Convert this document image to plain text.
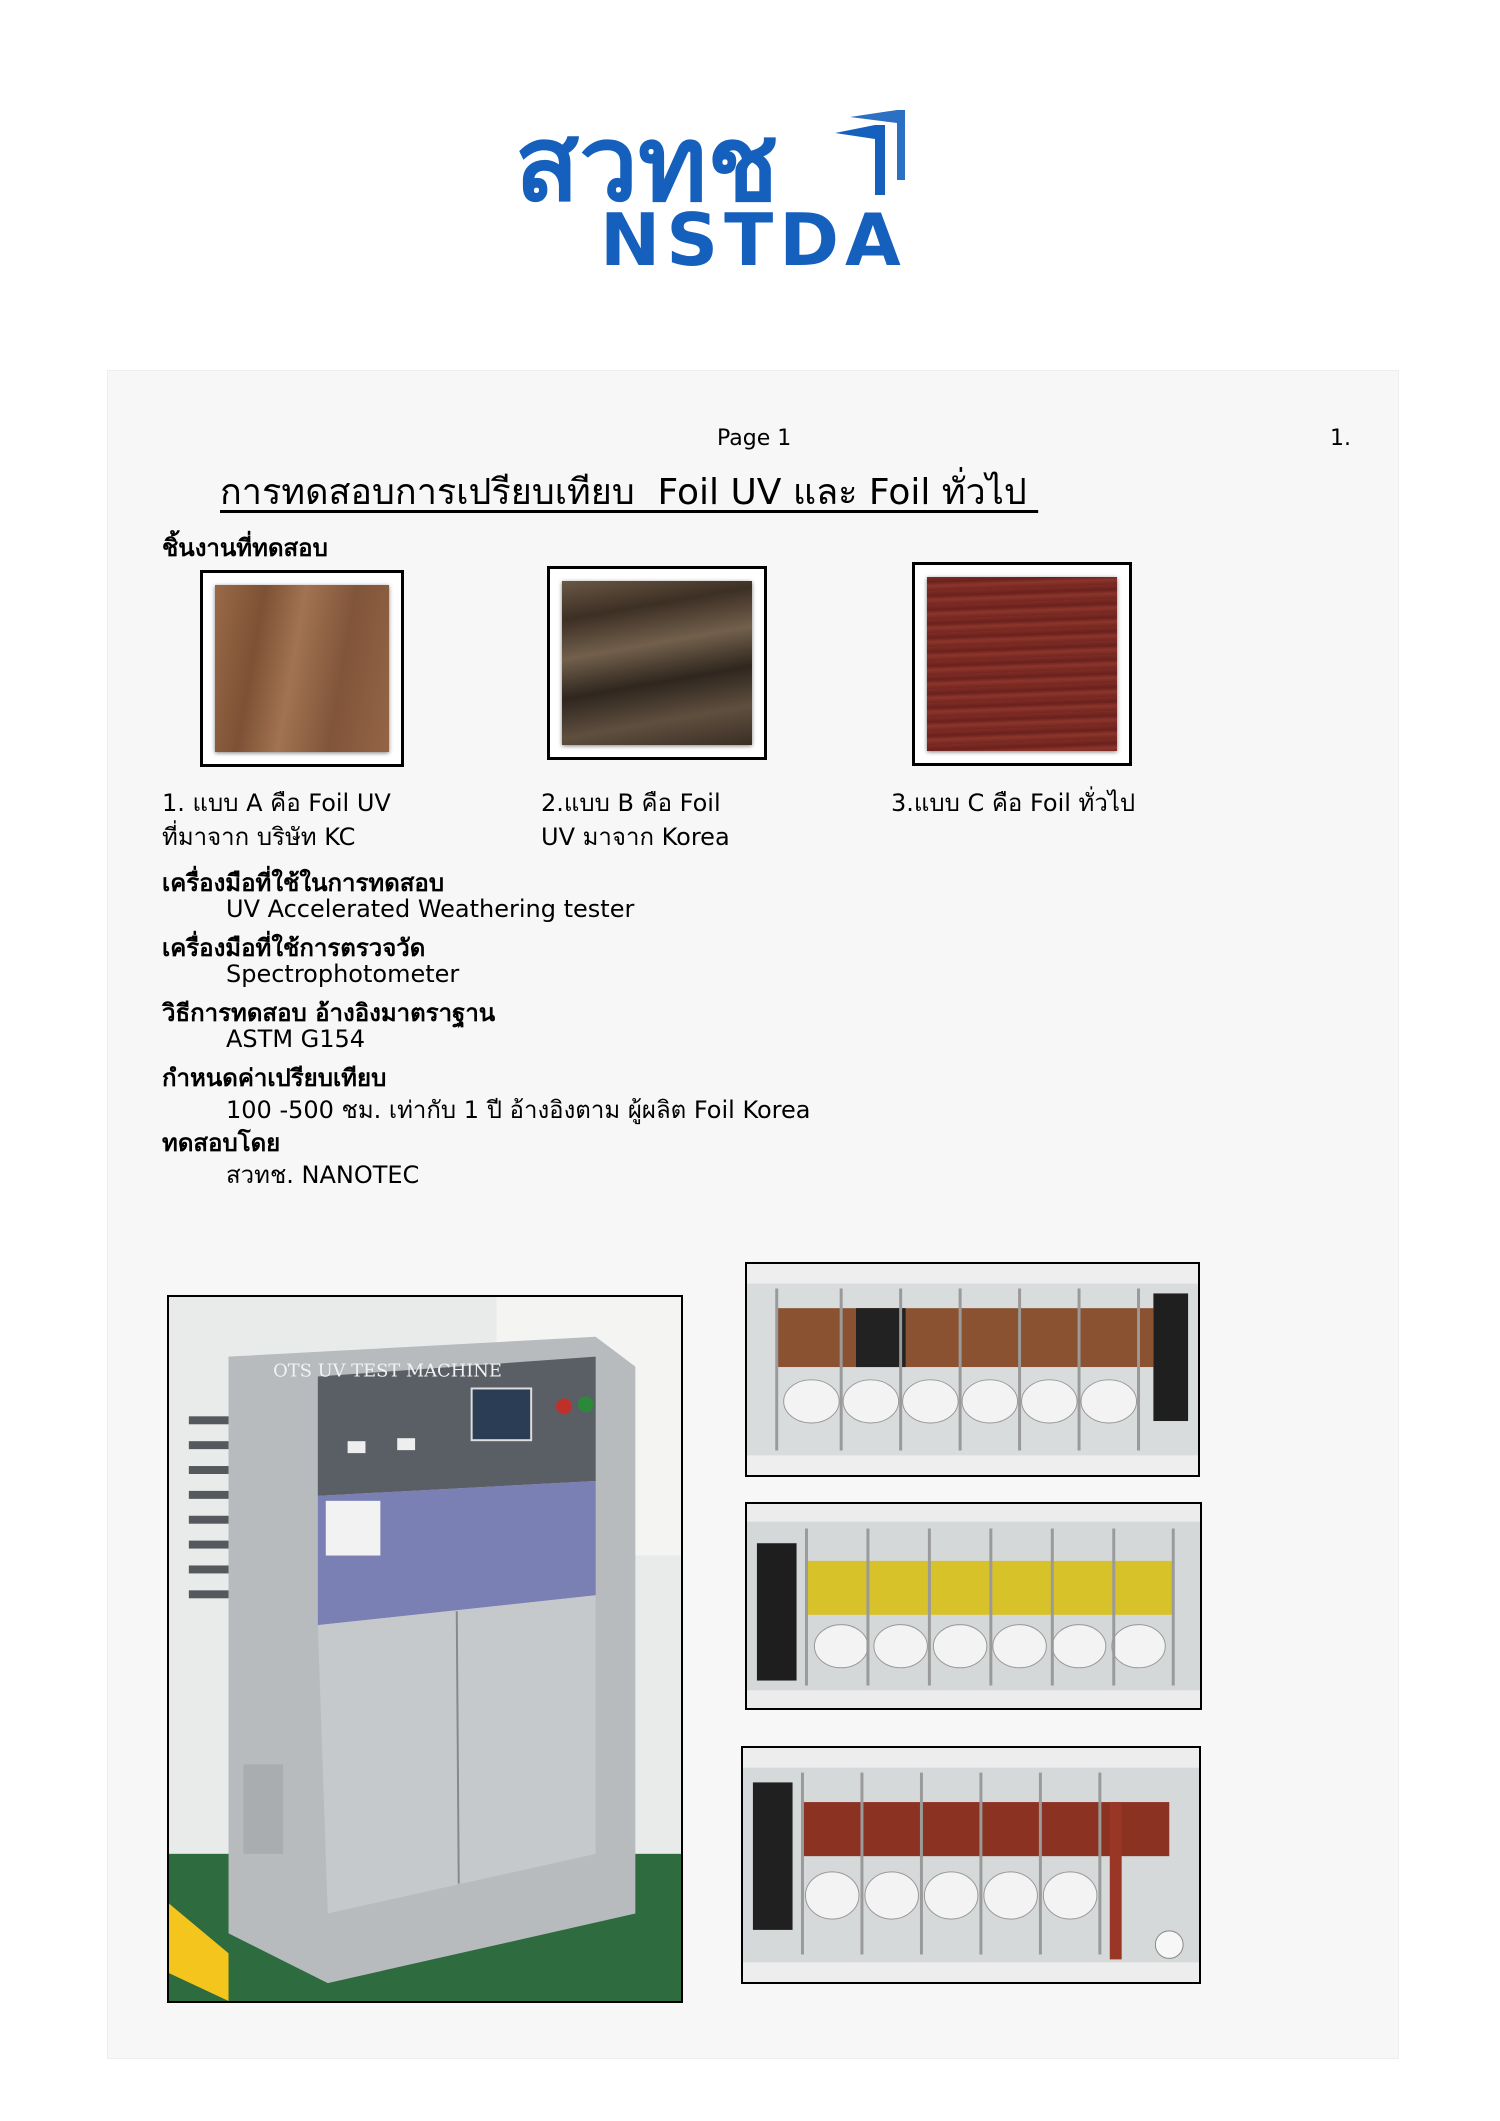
สวทช
NSTDA
Page 1	1.
การทดสอบการเปรียบเทียบ  Foil UV และ Foil ทั่วไป
ชิ้นงานที่ทดสอบ
1. แบบ A คือ Foil UV
ที่มาจาก บริษัท KC
2.แบบ B คือ Foil
UV มาจาก Korea
3.แบบ C คือ Foil ทั่วไป
เครื่องมือที่ใช้ในการทดสอบ
UV Accelerated Weathering tester
เครื่องมือที่ใช้การตรวจวัด
Spectrophotometer
วิธีการทดสอบ อ้างอิงมาตราฐาน
ASTM G154
กำหนดค่าเปรียบเทียบ
100 -500 ชม. เท่ากับ 1 ปี อ้างอิงตาม ผู้ผลิต Foil Korea
ทดสอบโดย
สวทช. NANOTEC
OTS UV TEST MACHINE
